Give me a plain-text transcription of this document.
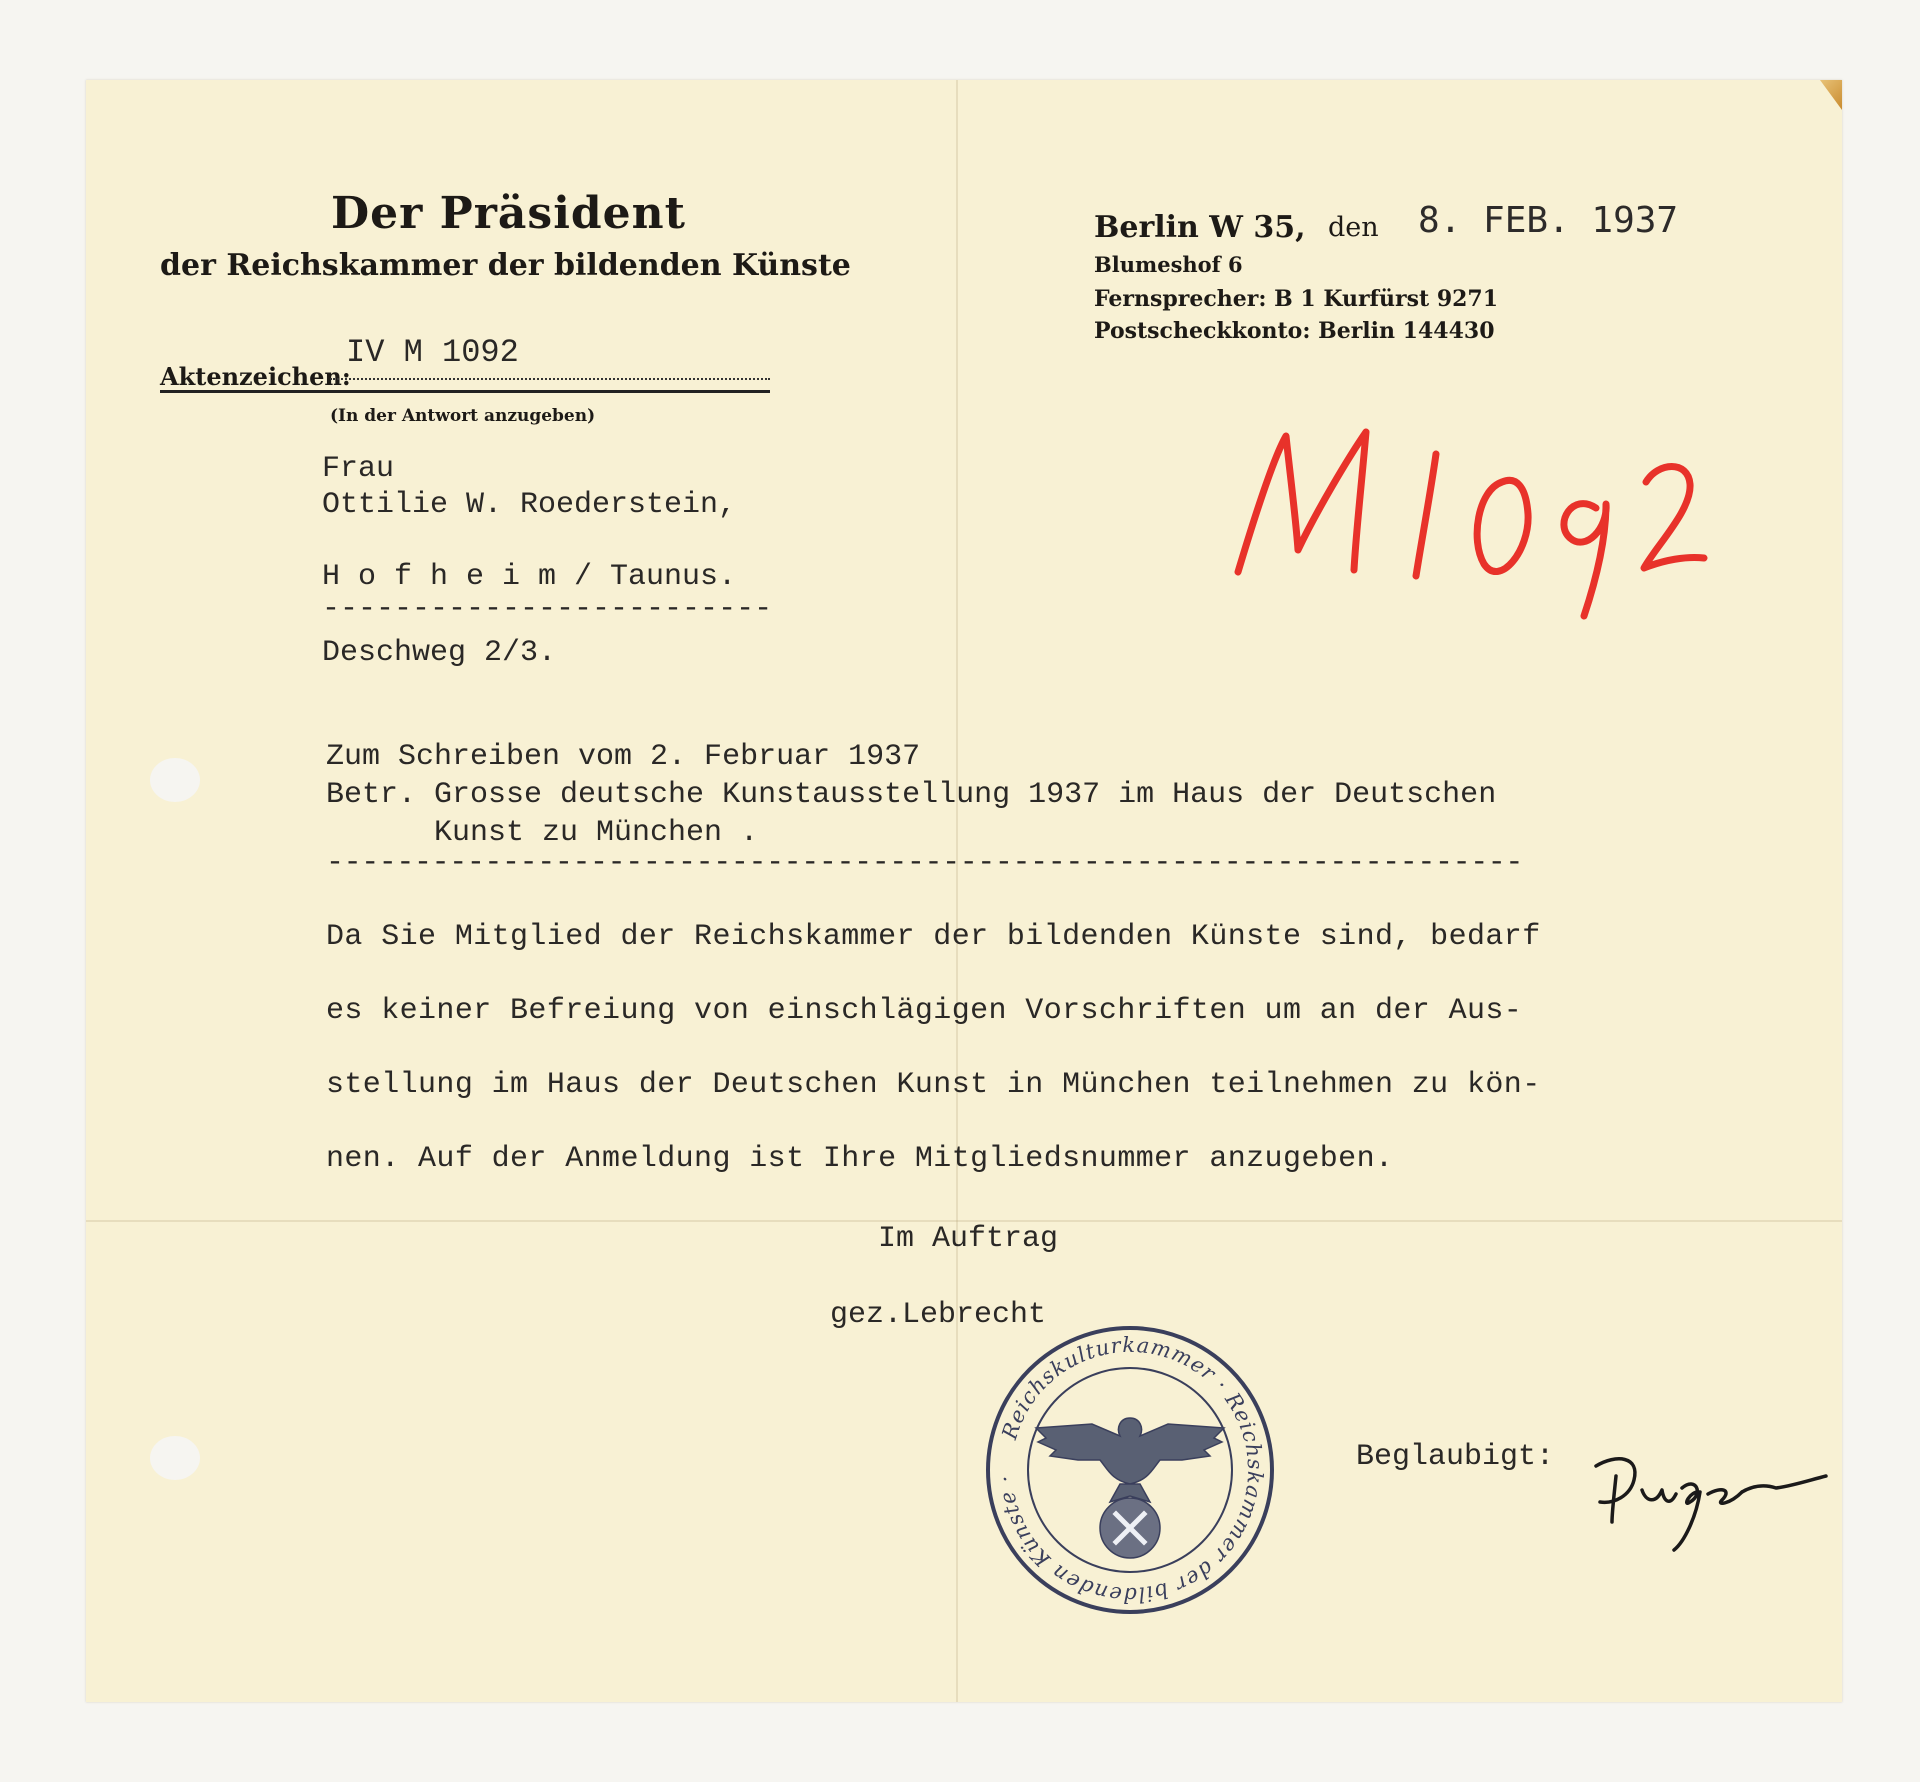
Der Präsident
der Reichskammer der bildenden Künste
Aktenzeichen:
IV M 1092
(In der Antwort anzugeben)
Berlin W 35, den 8. FEB. 1937
Blumeshof 6
Fernsprecher: B 1 Kurfürst 9271
Postscheckkonto: Berlin 144430
Frau
Ottilie W. Roederstein,
H o f h e i m / Taunus.
-------------------------
Deschweg 2/3.
Zum Schreiben vom 2. Februar 1937
Betr. Grosse deutsche Kunstausstellung 1937 im Haus der Deutschen
Kunst zu München .
--------------------------------------------------------------------
Da Sie Mitglied der Reichskammer der bildenden Künste sind, bedarf
es keiner Befreiung von einschlägigen Vorschriften um an der Aus-
stellung im Haus der Deutschen Kunst in München teilnehmen zu kön-
nen. Auf der Anmeldung ist Ihre Mitgliedsnummer anzugeben.
Im Auftrag
gez.Lebrecht
Beglaubigt:
Reichskulturkammer · Reichskammer der bildenden Künste ·
